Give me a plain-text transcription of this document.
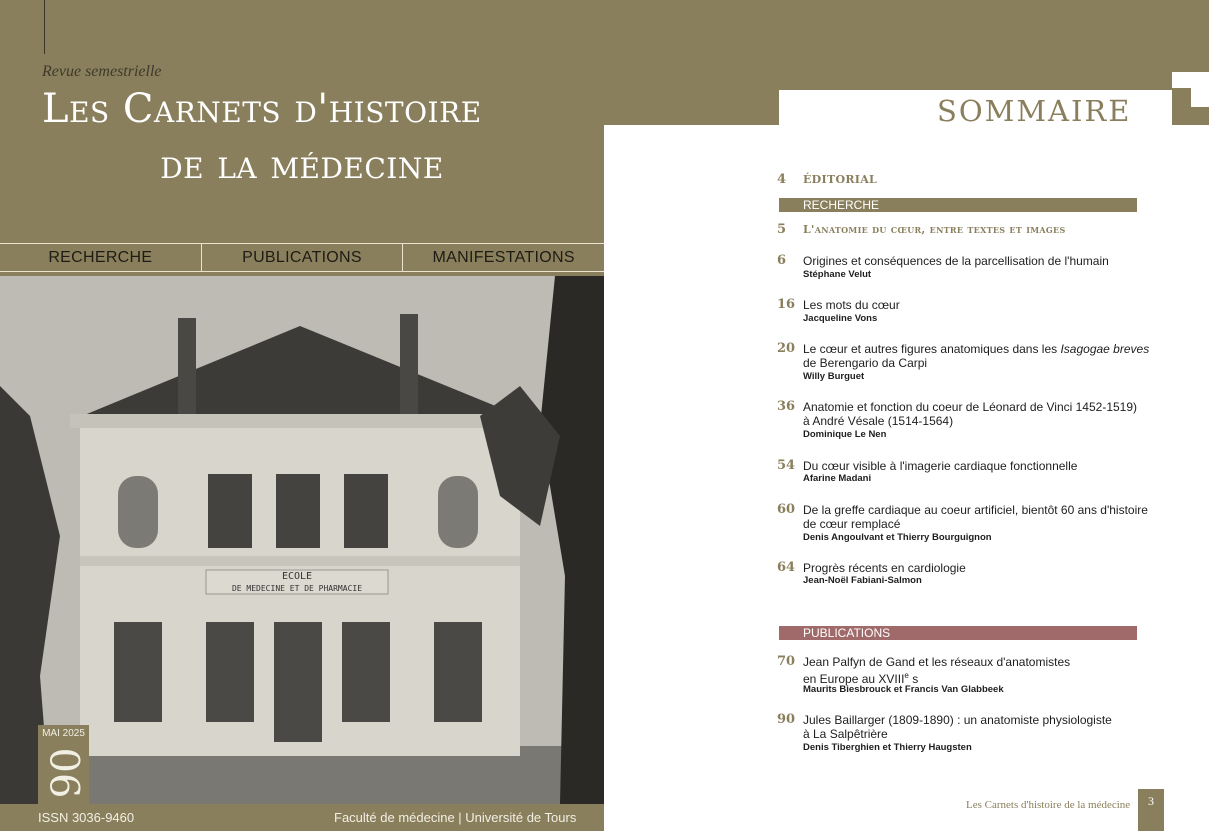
Revue semestrielle
Les Carnets d'histoire
de la médecine
RECHERCHE	PUBLICATIONS	MANIFESTATIONS
ECOLE
DE MEDECINE ET DE PHARMACIE
MAI 2025
06
ISSN 3036-9460	Faculté de médecine | Université de Tours
SOMMAIRE
4 ÉDITORIAL
RECHERCHE
5 L'anatomie du cœur, entre textes et images
6 Origines et conséquences de la parcellisation de l'humain
Stéphane Velut
16 Les mots du cœur
Jacqueline Vons
20 Le cœur et autres figures anatomiques dans les Isagogae breves
de Berengario da Carpi
Willy Burguet
36 Anatomie et fonction du coeur de Léonard de Vinci 1452-1519)
à André Vésale (1514-1564)
Dominique Le Nen
54 Du cœur visible à l'imagerie cardiaque fonctionnelle
Afarine Madani
60 De la greffe cardiaque au coeur artificiel, bientôt 60 ans d'histoire
de cœur remplacé
Denis Angoulvant et Thierry Bourguignon
64 Progrès récents en cardiologie
Jean-Noël Fabiani-Salmon
PUBLICATIONS
70 Jean Palfyn de Gand et les réseaux d'anatomistes
en Europe au XVIIIe s
Maurits Biesbrouck et Francis Van Glabbeek
90 Jules Baillarger (1809-1890) : un anatomiste physiologiste
à La Salpêtrière
Denis Tiberghien et Thierry Haugsten
Les Carnets d'histoire de la médecine	3
